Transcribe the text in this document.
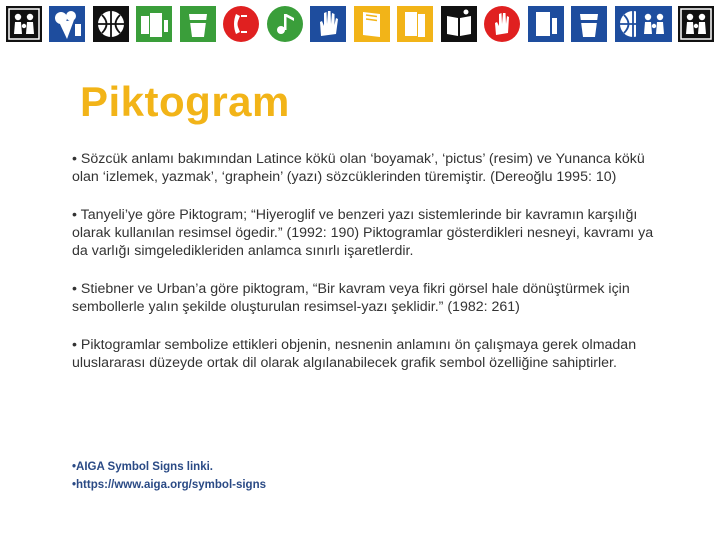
Piktogram

• Sözcük anlamı bakımından Latince kökü olan ‘boyamak’, ‘pictus’ (resim) ve Yunanca kökü olan ‘izlemek, yazmak’, ‘graphein’ (yazı) sözcüklerinden türemiştir. (Dereoğlu 1995: 10)

• Tanyeli’ye göre Piktogram; “Hiyeroglif ve benzeri yazı sistemlerinde bir kavramın karşılığı olarak kullanılan resimsel ögedir.” (1992: 190) Piktogramlar gösterdikleri nesneyi, kavramı ya da varlığı simgeledikleriden anlamca sınırlı işaretlerdir.

• Stiebner ve Urban’a göre piktogram, “Bir kavram veya fikri görsel hale dönüştürmek için sembollerle yalın şekilde oluşturulan resimsel-yazı şeklidir.” (1982: 261)

• Piktogramlar sembolize ettikleri objenin, nesnenin anlamını ön çalışmaya gerek olmadan uluslararası düzeyde ortak dil olarak algılanabilecek grafik sembol özelliğine sahiptirler.

•AIGA Symbol Signs linki.
•https://www.aiga.org/symbol-signs
